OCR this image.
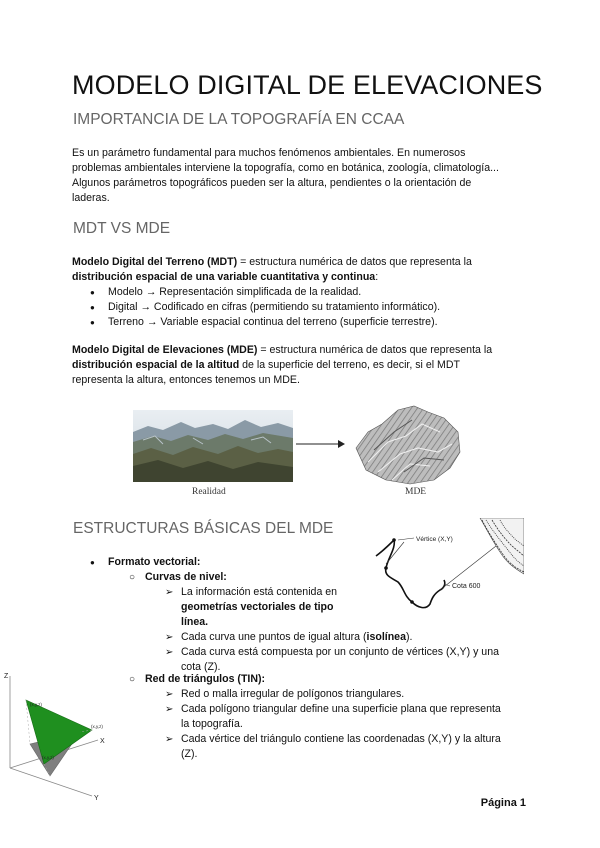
MODELO DIGITAL DE ELEVACIONES
IMPORTANCIA DE LA TOPOGRAFÍA EN CCAA
Es un parámetro fundamental para muchos fenómenos ambientales. En numerosos
problemas ambientales interviene la topografía, como en botánica, zoología, climatología...
Algunos parámetros topográficos pueden ser la altura, pendientes o la orientación de
laderas.
MDT VS MDE
Modelo Digital del Terreno (MDT) = estructura numérica de datos que representa la
distribución espacial de una variable cuantitativa y continua:
● Modelo → Representación simplificada de la realidad.
● Digital → Codificado en cifras (permitiendo su tratamiento informático).
● Terreno → Variable espacial continua del terreno (superficie terrestre).
Modelo Digital de Elevaciones (MDE) = estructura numérica de datos que representa la
distribución espacial de la altitud de la superficie del terreno, es decir, si el MDT
representa la altura, entonces tenemos un MDE.
Realidad	MDE
ESTRUCTURAS BÁSICAS DEL MDE
● Formato vectorial:
○ Curvas de nivel:
➢ La información está contenida en
geometrías vectoriales de tipo
línea.
➢ Cada curva une puntos de igual altura (isolínea).
➢ Cada curva está compuesta por un conjunto de vértices (X,Y) y una
cota (Z).
○ Red de triángulos (TIN):
➢ Red o malla irregular de polígonos triangulares.
➢ Cada polígono triangular define una superficie plana que representa
la topografía.
➢ Cada vértice del triángulo contiene las coordenadas (X,Y) y la altura
(Z).
Vértice (X,Y)
Cota 600
Z
X
Y
(x,y,z)
(x,y,z)
(x,y,z)
Página 1
